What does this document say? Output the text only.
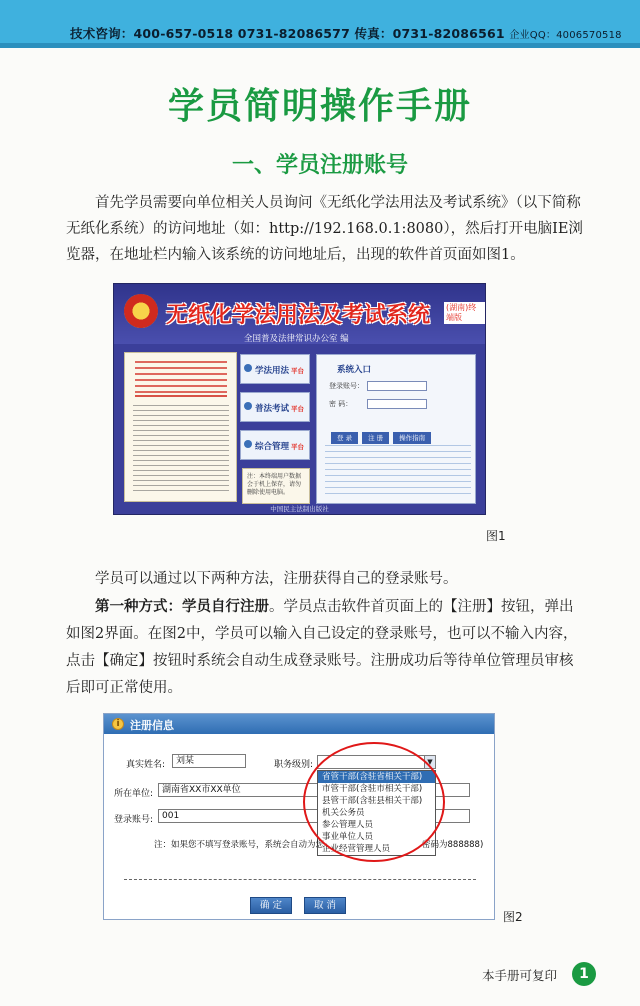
技术咨询：400-657-0518 0731-82086577 传真：0731-82086561 企业QQ：4006570518
学员简明操作手册
一、学员注册账号
首先学员需要向单位相关人员询问《无纸化学法用法及考试系统》（以下简称无纸化系统）的访问地址（如：http://192.168.0.1:8080），然后打开电脑IE浏览器，在地址栏内输入该系统的访问地址后，出现的软件首页面如图1。
无纸化学法用法及考试系统 (湖南)终端版
全国普及法律常识办公室 编
学法用法 平台
普法考试 平台
综合管理 平台
注：本终端用户数据会于机上保存，请勿删除使用电脑。
系统入口
登录账号：
密 码：
登 录 注 册 操作指南
中国民主法制出版社
图1
学员可以通过以下两种方法，注册获得自己的登录账号。
第一种方式：学员自行注册。学员点击软件首页面上的【注册】按钮，弹出如图2界面。在图2中，学员可以输入自己设定的登录账号，也可以不输入内容，点击【确定】按钮时系统会自动生成登录账号。注册成功后等待单位管理员审核后即可正常使用。
i 注册信息
真实姓名:	刘某	职务级别:	▼
所在单位: 湖南省XX市XX单位
登录账号: 001
省管干部(含驻省相关干部)
市管干部(含驻市相关干部)
县管干部(含驻县相关干部)
机关公务员
参公管理人员
事业单位人员
企业经营管理人员
注：如果您不填写登录账号，系统会自动为您	密码为888888)
确 定	取 消
图2
本手册可复印	1
